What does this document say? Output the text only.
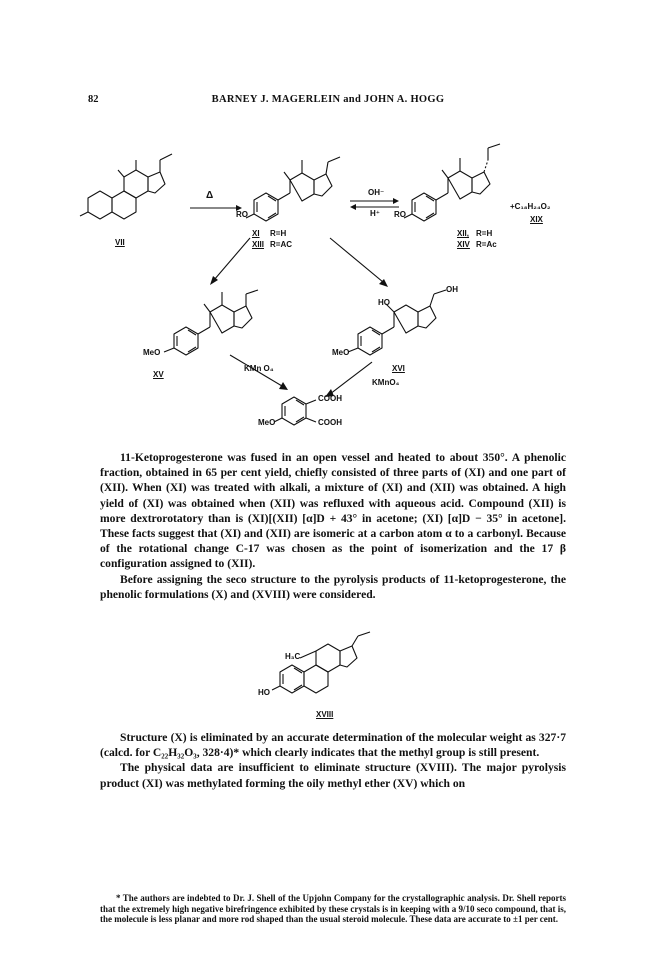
82	BARNEY J. MAGERLEIN and JOHN A. HOGG
VII
Δ
RO
XI R=H
XIII R=AC
OH⁻
H⁺ RO
XII, R=H
XIV R=Ac
+C₁₈H₂₄O₂
XIX
MeO
XV
KMn O₄
HO
OH
MeO
XVI
KMnO₄
COOH
MeO	COOH
H₃C
HO
XVIII

11-Ketoprogesterone was fused in an open vessel and heated to about 350°. A phenolic fraction, obtained in 65 per cent yield, chiefly consisted of three parts of (XI) and one part of (XII). When (XI) was treated with alkali, a mixture of (XI) and (XII) was obtained. A high yield of (XI) was obtained when (XII) was refluxed with aqueous acid. Compound (XII) is more dextrorotatory than is (XI)[(XII) [α]D + 43° in acetone; (XI) [α]D − 35° in acetone]. These facts suggest that (XI) and (XII) are isomeric at a carbon atom α to a carbonyl. Because of the rotational change C-17 was chosen as the point of isomerization and the 17 β configuration assigned to (XII).

Before assigning the seco structure to the pyrolysis products of 11-ketoprogesterone, the phenolic formulations (X) and (XVIII) were considered.

Structure (X) is eliminated by an accurate determination of the molecular weight as 327·7 (calcd. for C₂₂H₃₂O₃, 328·4)* which clearly indicates that the methyl group is still present.

The physical data are insufficient to eliminate structure (XVIII). The major pyrolysis product (XI) was methylated forming the oily methyl ether (XV) which on

* The authors are indebted to Dr. J. Shell of the Upjohn Company for the crystallographic analysis. Dr. Shell reports that the extremely high negative birefringence exhibited by these crystals is in keeping with a 9/10 seco compound, that is, the molecule is less planar and more rod shaped than the usual steroid molecule. These data are accurate to ±1 per cent.
